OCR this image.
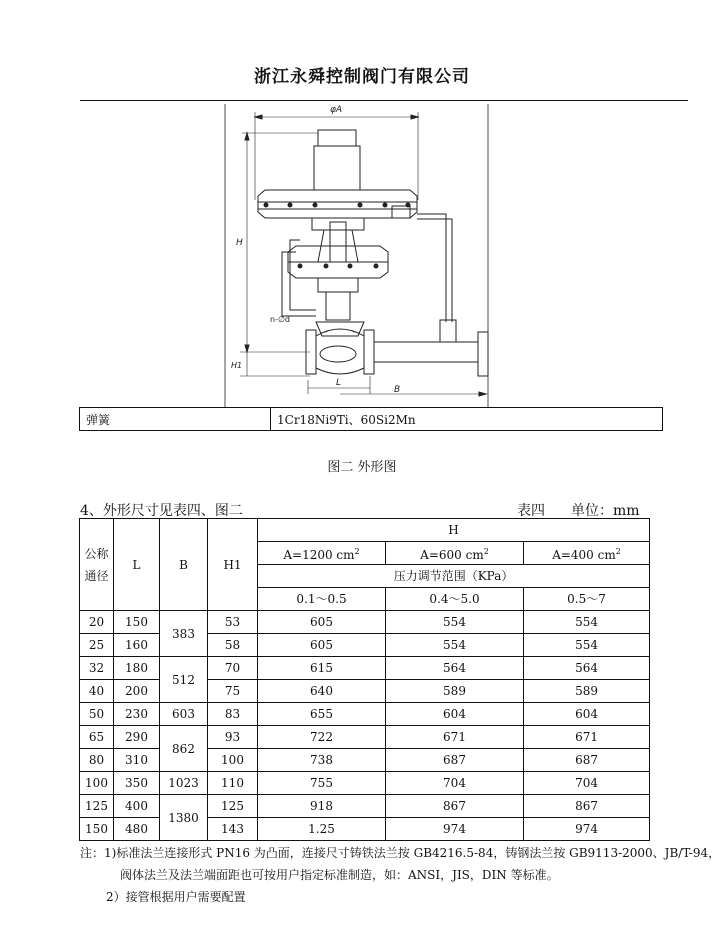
浙江永舜控制阀门有限公司
φA
H
H1
L
B
n-∅d
弹簧	1Cr18Ni9Ti、60Si2Mn
图二 外形图
4、外形尺寸见表四、图二	表四 单位：mm
公称通径	L	B	H1	H		
				A=1200 $cm^2$	A=600 $cm^2$	A=400 $cm^2$
				压力调节范围（KPa）		
				0.1～0.5	0.4～5.0	0.5～7
20	150	383	53	605	554	554
25	160		58	605	554	554
32	180	512	70	615	564	564
40	200		75	640	589	589
50	230	603	83	655	604	604
65	290	862	93	722	671	671
80	310		100	738	687	687
100	350	1023	110	755	704	704
125	400	1380	125	918	867	867
150	480		143	1.25	974	974
注：1)标准法兰连接形式 PN16 为凸面，连接尺寸铸铁法兰按 GB4216.5-84，铸钢法兰按 GB9113-2000、JB/T-94，
阀体法兰及法兰端面距也可按用户指定标准制造，如：ANSI，JIS，DIN 等标准。
2）接管根据用户需要配置
